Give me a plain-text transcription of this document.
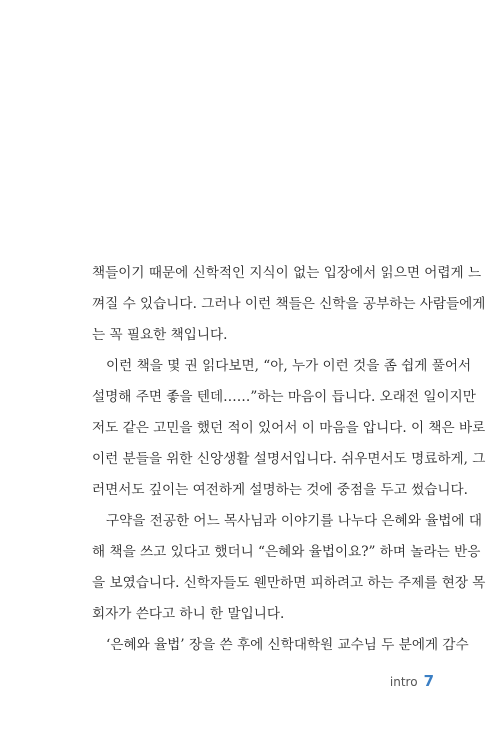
책들이기 때문에 신학적인 지식이 없는 입장에서 읽으면 어렵게 느
껴질 수 있습니다. 그러나 이런 책들은 신학을 공부하는 사람들에게
는 꼭 필요한 책입니다.
이런 책을 몇 권 읽다보면, “아, 누가 이런 것을 좀 쉽게 풀어서
설명해 주면 좋을 텐데……”하는 마음이 듭니다. 오래전 일이지만
저도 같은 고민을 했던 적이 있어서 이 마음을 압니다. 이 책은 바로
이런 분들을 위한 신앙생활 설명서입니다. 쉬우면서도 명료하게, 그
러면서도 깊이는 여전하게 설명하는 것에 중점을 두고 썼습니다.
구약을 전공한 어느 목사님과 이야기를 나누다 은혜와 율법에 대
해 책을 쓰고 있다고 했더니 “은혜와 율법이요?” 하며 놀라는 반응
을 보였습니다. 신학자들도 웬만하면 피하려고 하는 주제를 현장 목
회자가 쓴다고 하니 한 말입니다.
‘은혜와 율법’ 장을 쓴 후에 신학대학원 교수님 두 분에게 감수
intro 7
